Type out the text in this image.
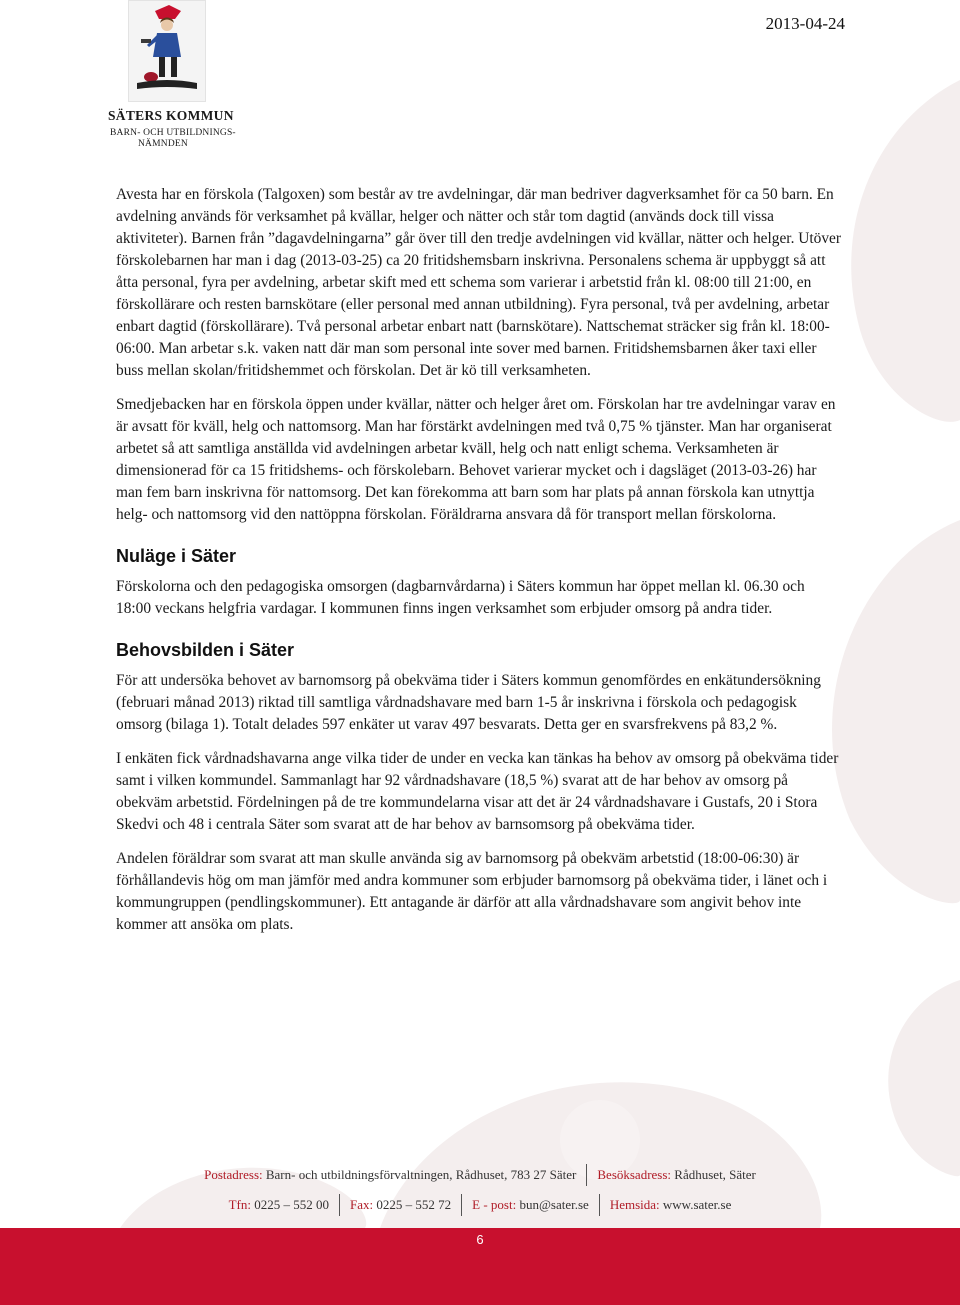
SÄTERS KOMMUN
BARN- OCH UTBILDNINGS-
NÄMNDEN
2013-04-24

Avesta har en förskola (Talgoxen) som består av tre avdelningar, där man bedriver dagverksamhet för ca 50 barn. En avdelning används för verksamhet på kvällar, helger och nätter och står tom dagtid (används dock till vissa aktiviteter). Barnen från ”dagavdelningarna” går över till den tredje avdelningen vid kvällar, nätter och helger. Utöver förskolebarnen har man i dag (2013-03-25) ca 20 fritidshemsbarn inskrivna. Personalens schema är uppbyggt så att åtta personal, fyra per avdelning, arbetar skift med ett schema som varierar i arbetstid från kl. 08:00 till 21:00, en förskollärare och resten barnskötare (eller personal med annan utbildning). Fyra personal, två per avdelning, arbetar enbart dagtid (förskollärare). Två personal arbetar enbart natt (barnskötare). Nattschemat sträcker sig från kl. 18:00-06:00. Man arbetar s.k. vaken natt där man som personal inte sover med barnen. Fritidshemsbarnen åker taxi eller buss mellan skolan/fritidshemmet och förskolan. Det är kö till verksamheten.

Smedjebacken har en förskola öppen under kvällar, nätter och helger året om. Förskolan har tre avdelningar varav en är avsatt för kväll, helg och nattomsorg. Man har förstärkt avdelningen med två 0,75 % tjänster. Man har organiserat arbetet så att samtliga anställda vid avdelningen arbetar kväll, helg och natt enligt schema. Verksamheten är dimensionerad för ca 15 fritidshems- och förskolebarn. Behovet varierar mycket och i dagsläget (2013-03-26) har man fem barn inskrivna för nattomsorg. Det kan förekomma att barn som har plats på annan förskola kan utnyttja helg- och nattomsorg vid den nattöppna förskolan. Föräldrarna ansvara då för transport mellan förskolorna.

Nuläge i Säter

Förskolorna och den pedagogiska omsorgen (dagbarnvårdarna) i Säters kommun har öppet mellan kl. 06.30 och 18:00 veckans helgfria vardagar. I kommunen finns ingen verksamhet som erbjuder omsorg på andra tider.

Behovsbilden i Säter

För att undersöka behovet av barnomsorg på obekväma tider i Säters kommun genomfördes en enkätundersökning (februari månad 2013) riktad till samtliga vårdnadshavare med barn 1-5 år inskrivna i förskola och pedagogisk omsorg (bilaga 1). Totalt delades 597 enkäter ut varav 497 besvarats. Detta ger en svarsfrekvens på 83,2 %.

I enkäten fick vårdnadshavarna ange vilka tider de under en vecka kan tänkas ha behov av omsorg på obekväma tider samt i vilken kommundel. Sammanlagt har 92 vårdnadshavare (18,5 %) svarat att de har behov av omsorg på obekväm arbetstid. Fördelningen på de tre kommundelarna visar att det är 24 vårdnadshavare i Gustafs, 20 i Stora Skedvi och 48 i centrala Säter som svarat att de har behov av barnsomsorg på obekväma tider.

Andelen föräldrar som svarat att man skulle använda sig av barnomsorg på obekväm arbetstid (18:00-06:30) är förhållandevis hög om man jämför med andra kommuner som erbjuder barnomsorg på obekväma tider, i länet och i kommungruppen (pendlingskommuner). Ett antagande är därför att alla vårdnadshavare som angivit behov inte kommer att ansöka om plats.

Postadress: Barn- och utbildningsförvaltningen, Rådhuset, 783 27 Säter	Besöksadress: Rådhuset, Säter
Tfn: 0225 – 552 00	Fax: 0225 – 552 72	E - post: bun@sater.se	Hemsida: www.sater.se
6
